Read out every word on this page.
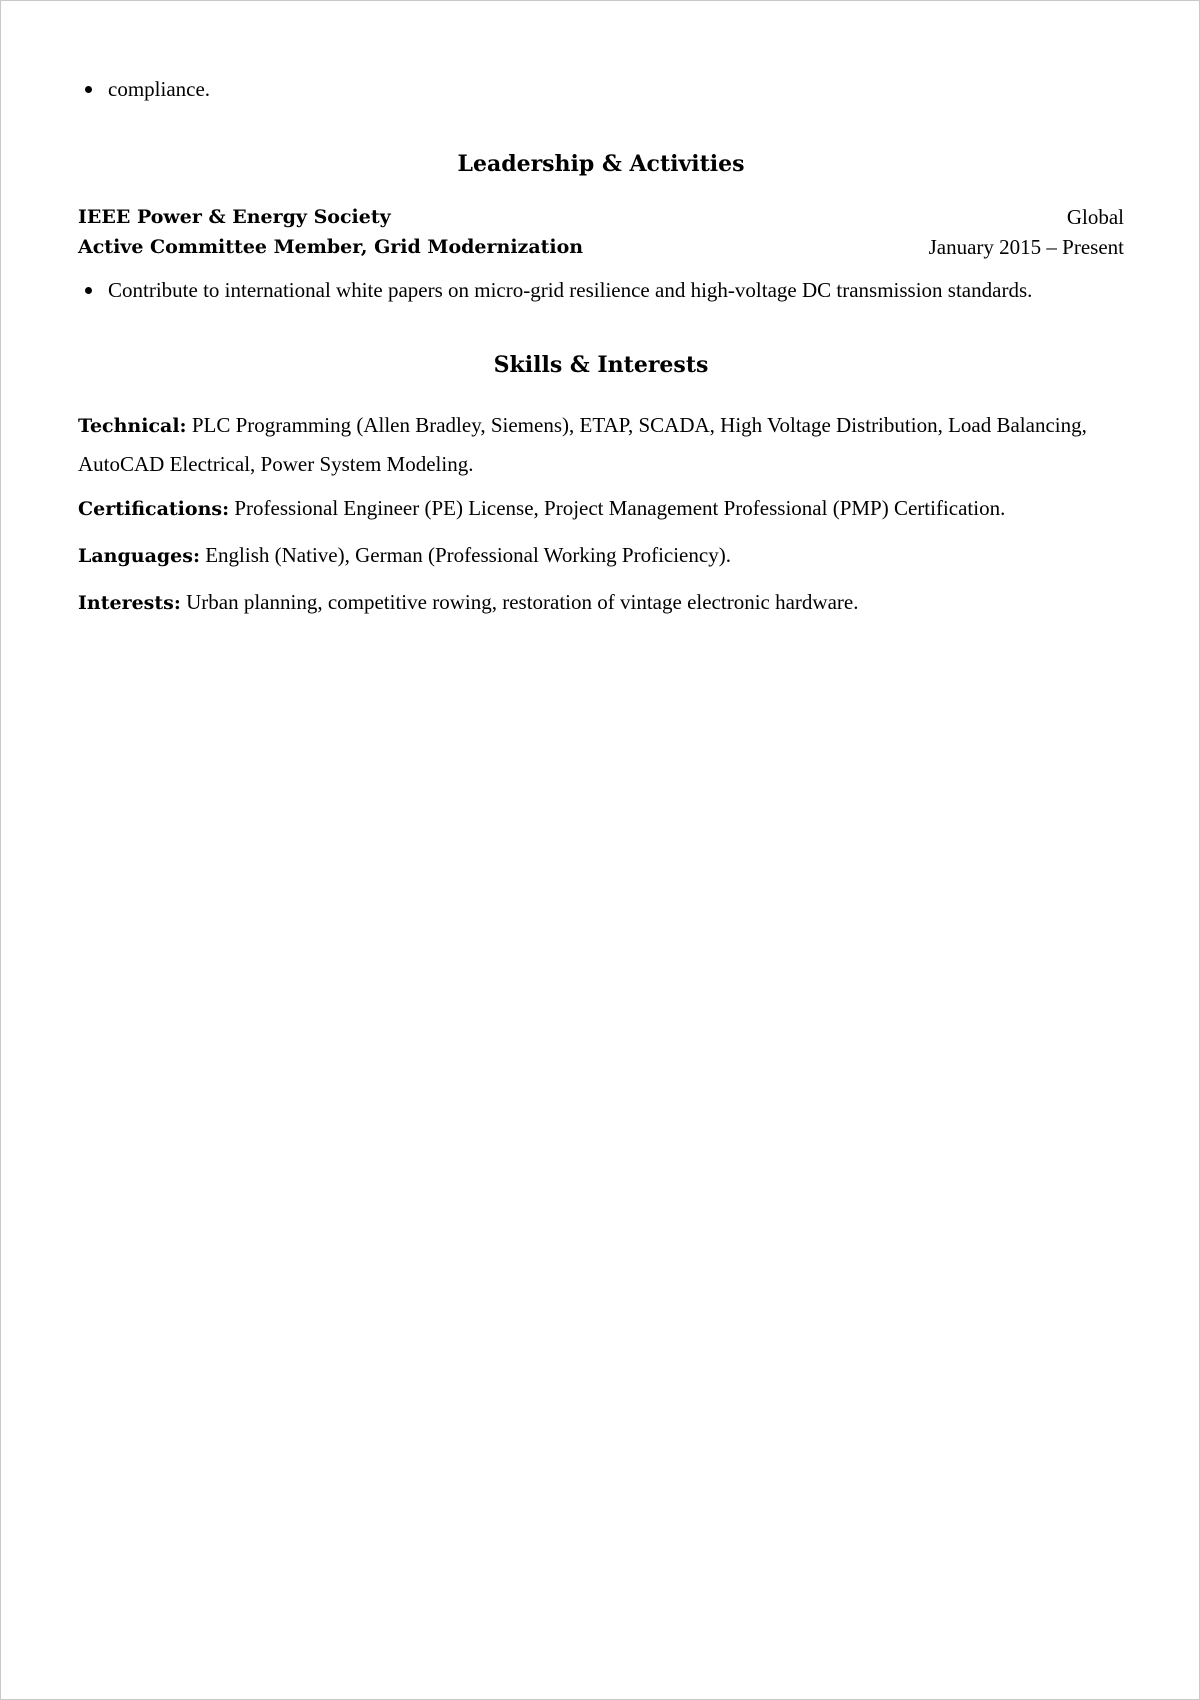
compliance.
Leadership & Activities
IEEE Power & Energy Society	Global
Active Committee Member, Grid Modernization	January 2015 – Present
Contribute to international white papers on micro-grid resilience and high-voltage DC transmission standards.
Skills & Interests
Technical: PLC Programming (Allen Bradley, Siemens), ETAP, SCADA, High Voltage Distribution, Load Balancing, AutoCAD Electrical, Power System Modeling.
Certifications: Professional Engineer (PE) License, Project Management Professional (PMP) Certification.
Languages: English (Native), German (Professional Working Proficiency).
Interests: Urban planning, competitive rowing, restoration of vintage electronic hardware.
